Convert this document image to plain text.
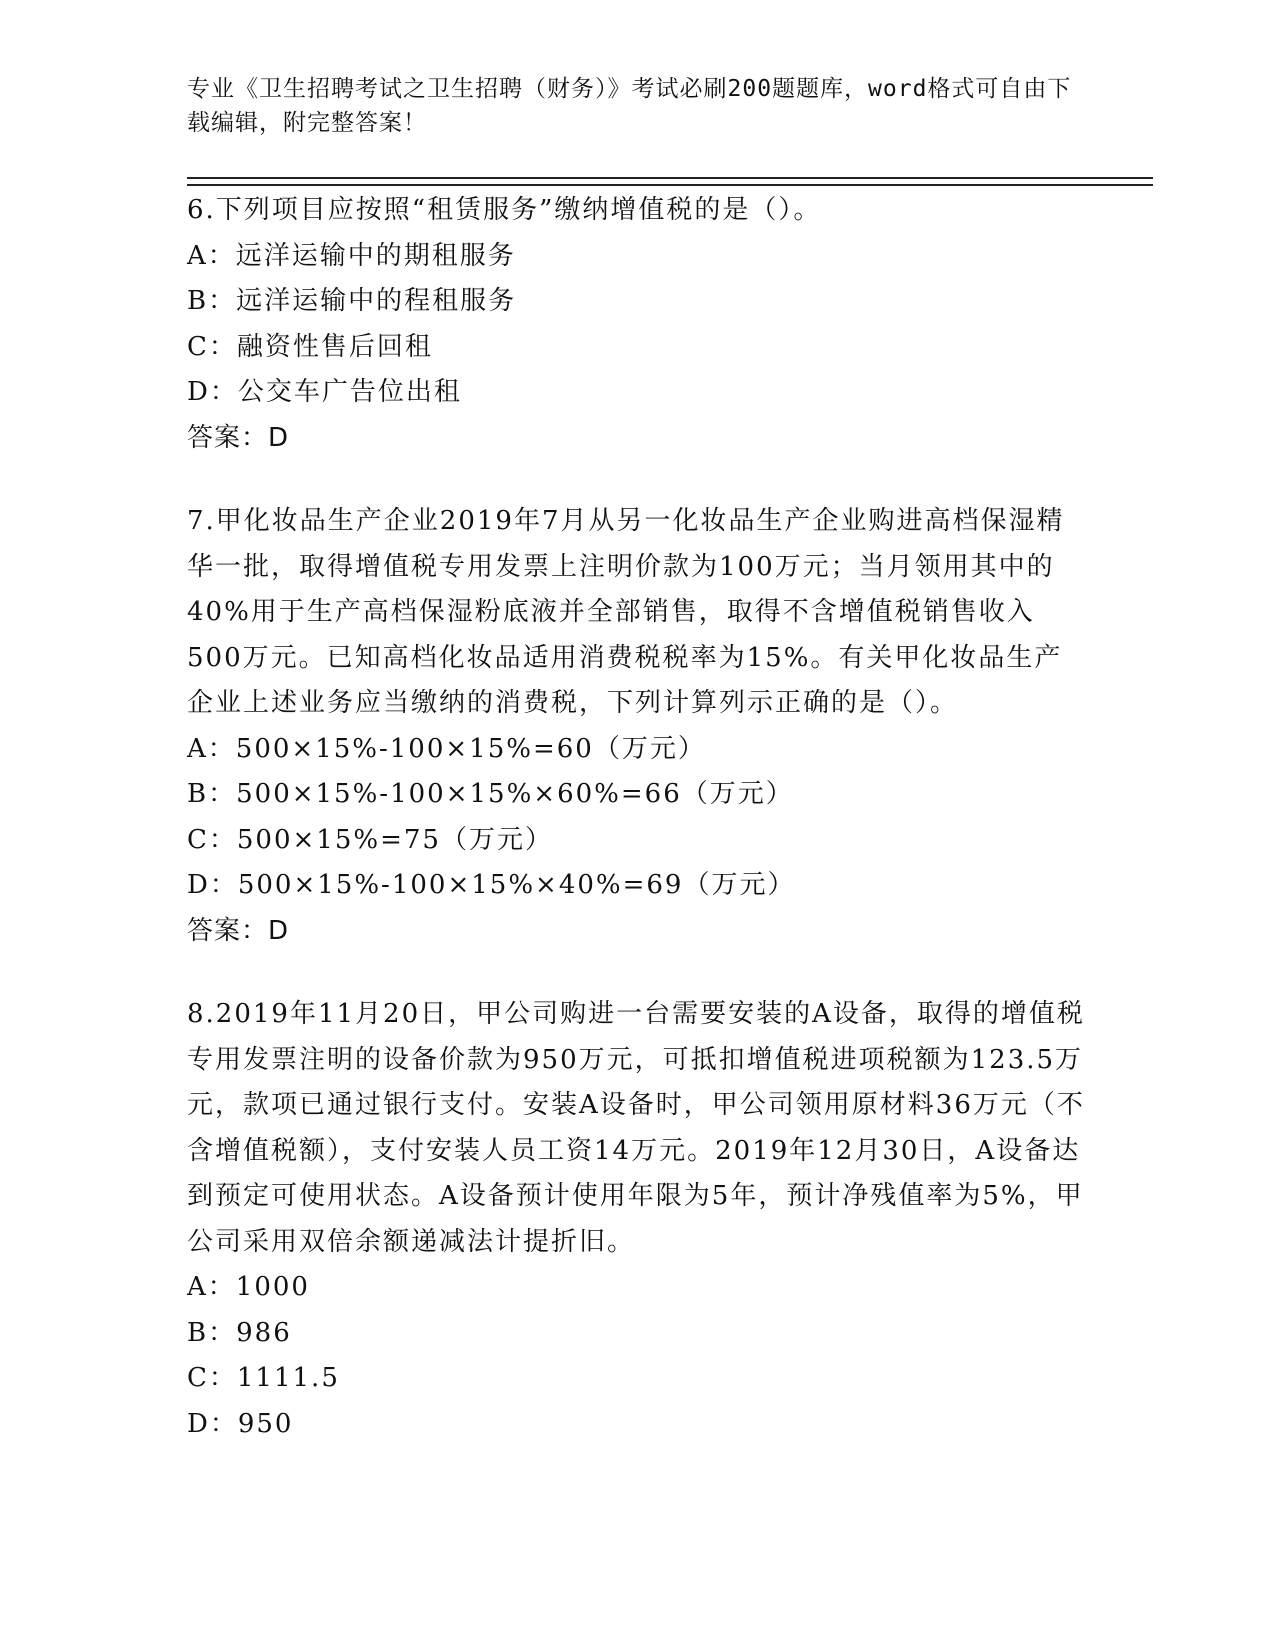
专业《卫生招聘考试之卫生招聘（财务）》考试必刷200题题库，word格式可自由下载编辑，附完整答案！

6.下列项目应按照“租赁服务”缴纳增值税的是（）。

A：远洋运输中的期租服务

B：远洋运输中的程租服务

C：融资性售后回租

D：公交车广告位出租

答案：D

7.甲化妆品生产企业2019年7月从另一化妆品生产企业购进高档保湿精华一批，取得增值税专用发票上注明价款为100万元；当月领用其中的40%用于生产高档保湿粉底液并全部销售，取得不含增值税销售收入500万元。已知高档化妆品适用消费税税率为15%。有关甲化妆品生产企业上述业务应当缴纳的消费税，下列计算列示正确的是（）。

A：500×15%-100×15%=60（万元）

B：500×15%-100×15%×60%=66（万元）

C：500×15%=75（万元）

D：500×15%-100×15%×40%=69（万元）

答案：D

8.2019年11月20日，甲公司购进一台需要安装的A设备，取得的增值税专用发票注明的设备价款为950万元，可抵扣增值税进项税额为123.5万元，款项已通过银行支付。安装A设备时，甲公司领用原材料36万元（不含增值税额），支付安装人员工资14万元。2019年12月30日，A设备达到预定可使用状态。A设备预计使用年限为5年，预计净残值率为5%，甲公司采用双倍余额递减法计提折旧。

A：1000

B：986

C：1111.5

D：950
